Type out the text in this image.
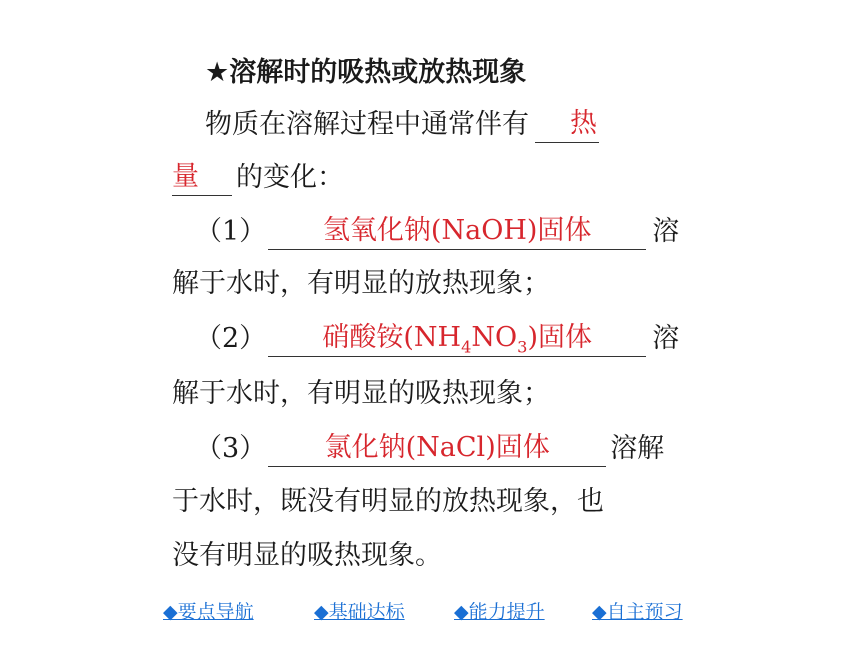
★溶解时的吸热或放热现象
物质在溶解过程中通常伴有 热
量 的变化：
（1） 氢氧化钠(NaOH)固体 溶
解于水时，有明显的放热现象；
（2） 硝酸铵$(NH_4NO_3)$固体 溶
解于水时，有明显的吸热现象；
（3） 氯化钠(NaCl)固体 溶解
于水时，既没有明显的放热现象，也
没有明显的吸热现象。
◆要点导航	◆基础达标	◆能力提升 ◆自主预习
